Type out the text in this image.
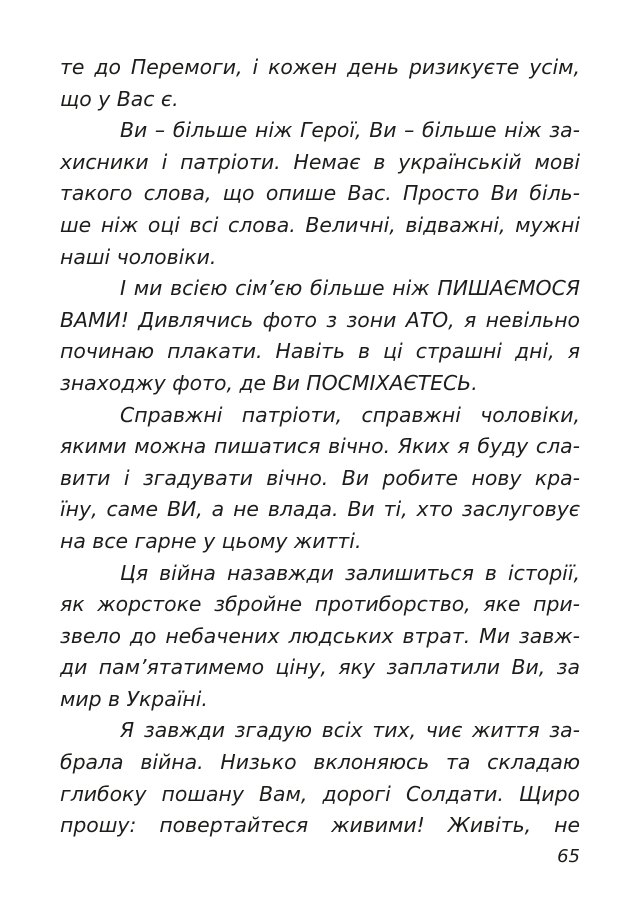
те до Перемоги, і кожен день ризикуєте усім,
що у Вас є.
Ви – більше ніж Герої, Ви – більше ніж за-
хисники і патріоти. Немає в українській мові
такого слова, що опише Вас. Просто Ви біль-
ше ніж оці всі слова. Величні, відважні, мужні
наші чоловіки.
І ми всією сім’єю більше ніж ПИШАЄМОСЯ
ВАМИ! Дивлячись фото з зони АТО, я невільно
починаю плакати. Навіть в ці страшні дні, я
знаходжу фото, де Ви ПОСМІХАЄТЕСЬ.
Справжні патріоти, справжні чоловіки,
якими можна пишатися вічно. Яких я буду сла-
вити і згадувати вічно. Ви робите нову кра-
їну, саме ВИ, а не влада. Ви ті, хто заслуговує
на все гарне у цьому житті.
Ця війна назавжди залишиться в історії,
як жорстоке збройне протиборство, яке при-
звело до небачених людських втрат. Ми завж-
ди пам’ятатимемо ціну, яку заплатили Ви, за
мир в Україні.
Я завжди згадую всіх тих, чиє життя за-
брала війна. Низько вклоняюсь та складаю
глибоку пошану Вам, дорогі Солдати. Щиро
прошу: повертайтеся живими! Живіть, не
65
